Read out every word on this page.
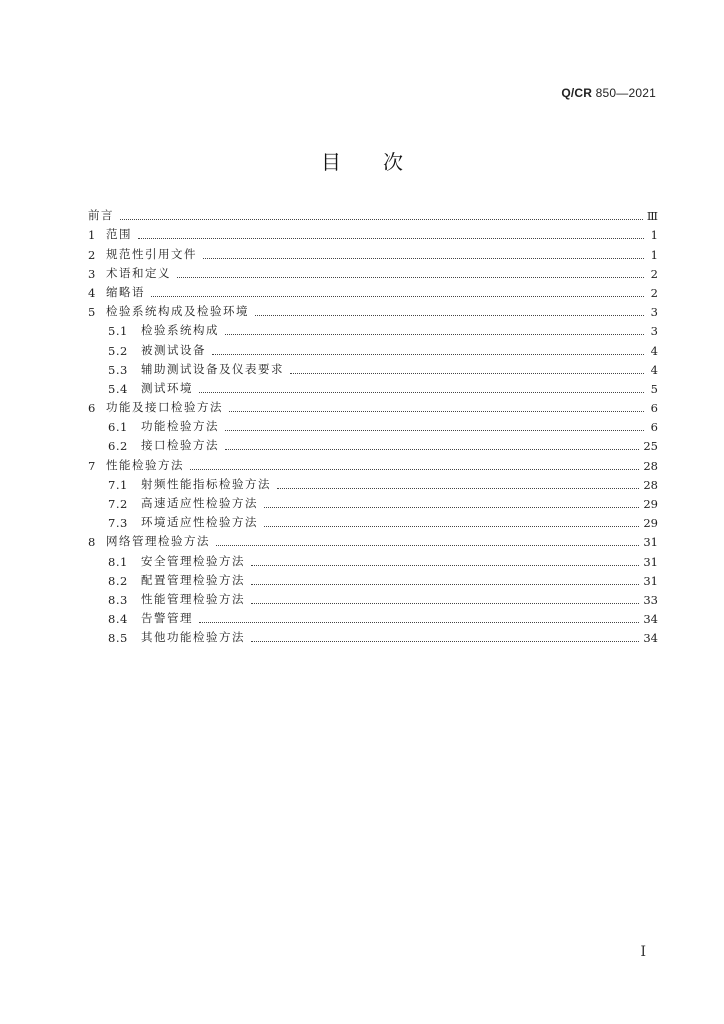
Q/CR 850—2021
目次
前言	Ⅲ
1 范围	1
2 规范性引用文件	1
3 术语和定义	2
4 缩略语	2
5 检验系统构成及检验环境	3
5.1	检验系统构成	3
5.2	被测试设备	4
5.3	辅助测试设备及仪表要求	4
5.4	测试环境	5
6 功能及接口检验方法	6
6.1	功能检验方法	6
6.2	接口检验方法	25
7 性能检验方法	28
7.1	射频性能指标检验方法	28
7.2	高速适应性检验方法	29
7.3	环境适应性检验方法	29
8 网络管理检验方法	31
8.1	安全管理检验方法	31
8.2	配置管理检验方法	31
8.3	性能管理检验方法	33
8.4	告警管理	34
8.5	其他功能检验方法	34
I
